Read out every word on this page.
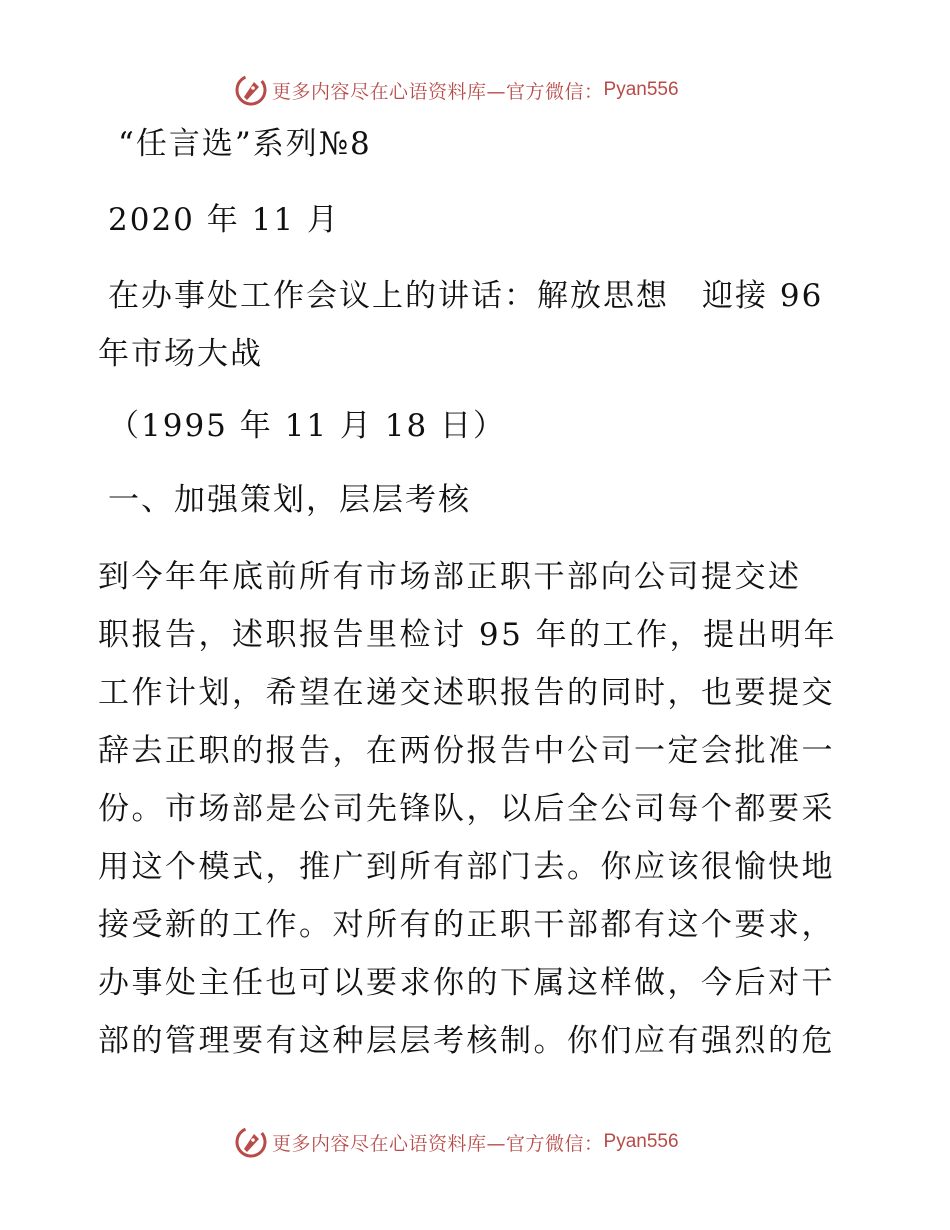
更多内容尽在心语资料库—官方微信： Pyan556
“任言选”系列№8
2020 年 11 月
在办事处工作会议上的讲话：解放思想　迎接 96
年市场大战
（1995 年 11 月 18 日）
一、加强策划，层层考核
到今年年底前所有市场部正职干部向公司提交述
职报告，述职报告里检讨 95 年的工作，提出明年
工作计划，希望在递交述职报告的同时，也要提交
辞去正职的报告，在两份报告中公司一定会批准一
份。市场部是公司先锋队，以后全公司每个都要采
用这个模式，推广到所有部门去。你应该很愉快地
接受新的工作。对所有的正职干部都有这个要求，
办事处主任也可以要求你的下属这样做，今后对干
部的管理要有这种层层考核制。你们应有强烈的危
更多内容尽在心语资料库—官方微信： Pyan556
